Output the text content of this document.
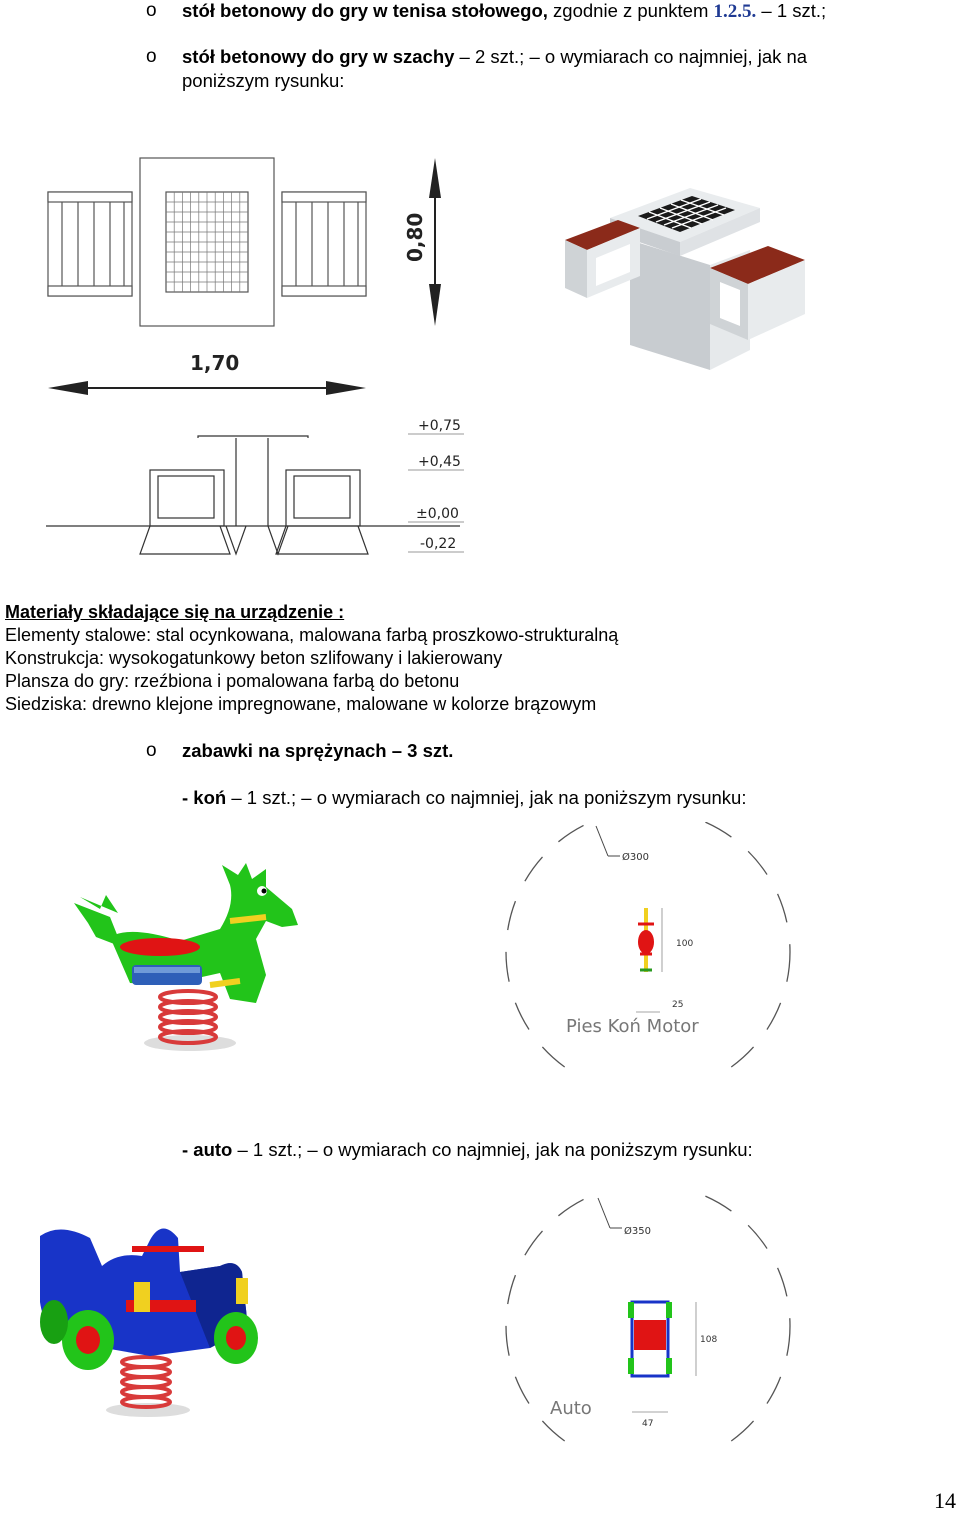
o stół betonowy do gry w tenisa stołowego, zgodnie z punktem 1.2.5. – 1 szt.;
o stół betonowy do gry w szachy – 2 szt.; – o wymiarach co najmniej, jak na
poniższym rysunku:
0,80
1,70
+0,75
+0,45
±0,00
-0,22
Materiały składające się na urządzenie :
Elementy stalowe: stal ocynkowana, malowana farbą proszkowo-strukturalną
Konstrukcja: wysokogatunkowy beton szlifowany i lakierowany
Plansza do gry: rzeźbiona i pomalowana farbą do betonu
Siedziska: drewno klejone impregnowane, malowane w kolorze brązowym
o zabawki na sprężynach – 3 szt.
- koń – 1 szt.; – o wymiarach co najmniej, jak na poniższym rysunku:
Ø300
100
25
Pies Koń Motor
- auto – 1 szt.; – o wymiarach co najmniej, jak na poniższym rysunku:
Ø350
108
47
Auto
14
